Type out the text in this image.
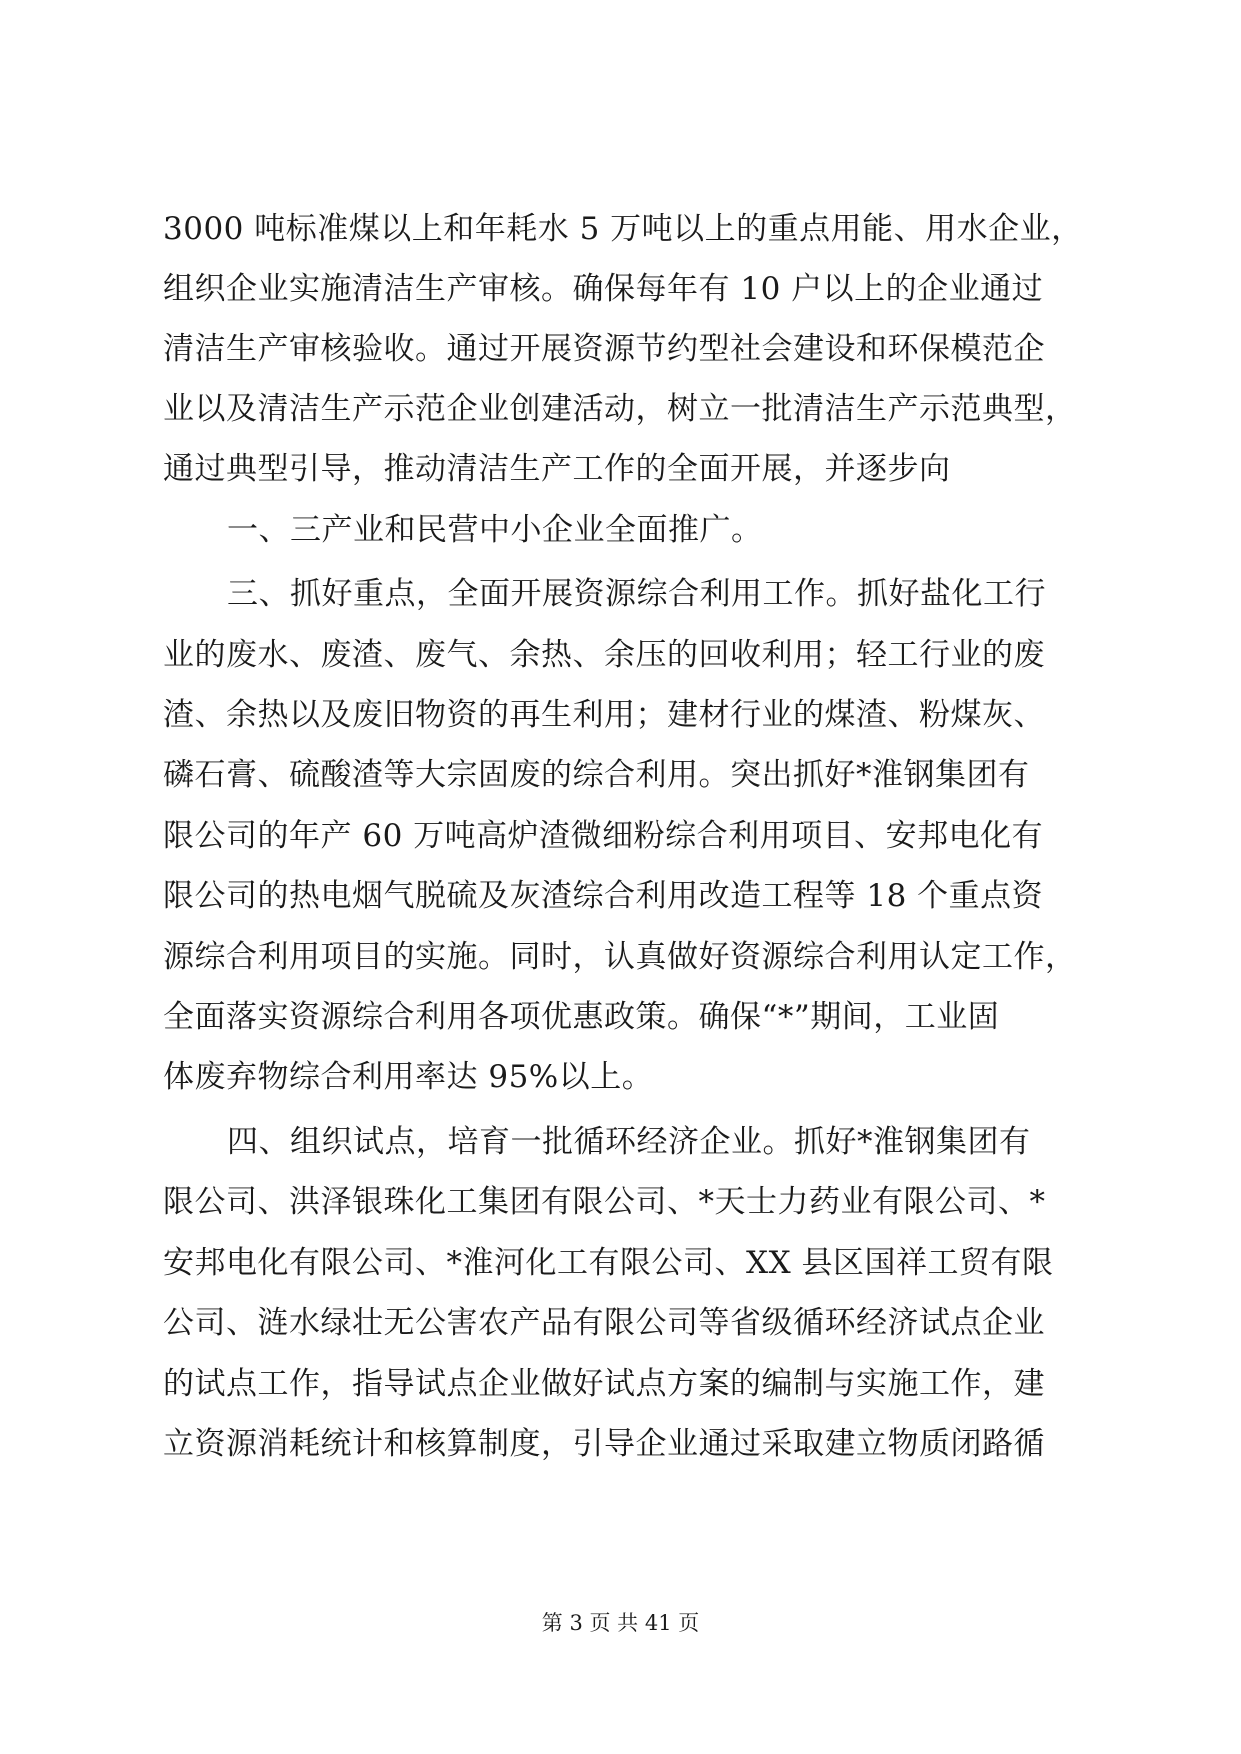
3000 吨标准煤以上和年耗水 5 万吨以上的重点用能、用水企业，
组织企业实施清洁生产审核。确保每年有 10 户以上的企业通过
清洁生产审核验收。通过开展资源节约型社会建设和环保模范企
业以及清洁生产示范企业创建活动，树立一批清洁生产示范典型，
通过典型引导，推动清洁生产工作的全面开展，并逐步向
一、三产业和民营中小企业全面推广。
三、抓好重点，全面开展资源综合利用工作。抓好盐化工行
业的废水、废渣、废气、余热、余压的回收利用；轻工行业的废
渣、余热以及废旧物资的再生利用；建材行业的煤渣、粉煤灰、
磷石膏、硫酸渣等大宗固废的综合利用。突出抓好*淮钢集团有
限公司的年产 60 万吨高炉渣微细粉综合利用项目、安邦电化有
限公司的热电烟气脱硫及灰渣综合利用改造工程等 18 个重点资
源综合利用项目的实施。同时，认真做好资源综合利用认定工作，
全面落实资源综合利用各项优惠政策。确保“*”期间，工业固
体废弃物综合利用率达 95%以上。
四、组织试点，培育一批循环经济企业。抓好*淮钢集团有
限公司、洪泽银珠化工集团有限公司、*天士力药业有限公司、*
安邦电化有限公司、*淮河化工有限公司、XX 县区国祥工贸有限
公司、涟水绿壮无公害农产品有限公司等省级循环经济试点企业
的试点工作，指导试点企业做好试点方案的编制与实施工作，建
立资源消耗统计和核算制度，引导企业通过采取建立物质闭路循
第 3 页 共 41 页
